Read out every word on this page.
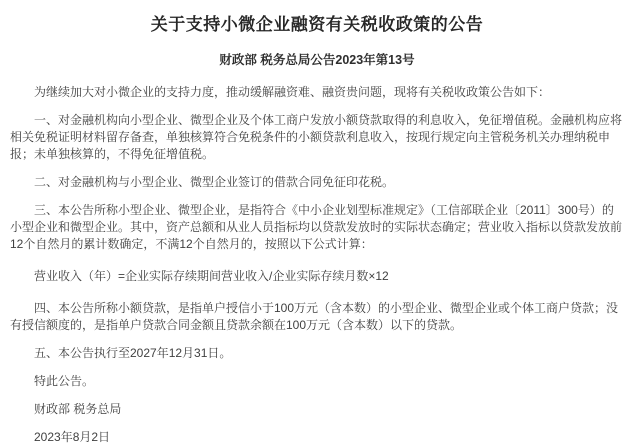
关于支持小微企业融资有关税收政策的公告
财政部 税务总局公告2023年第13号

为继续加大对小微企业的支持力度，推动缓解融资难、融资贵问题，现将有关税收政策公告如下：

一、对金融机构向小型企业、微型企业及个体工商户发放小额贷款取得的利息收入，免征增值税。金融机构应将相关免税证明材料留存备查，单独核算符合免税条件的小额贷款利息收入，按现行规定向主管税务机关办理纳税申报；未单独核算的，不得免征增值税。

二、对金融机构与小型企业、微型企业签订的借款合同免征印花税。

三、本公告所称小型企业、微型企业，是指符合《中小企业划型标准规定》（工信部联企业〔2011〕300号）的小型企业和微型企业。其中，资产总额和从业人员指标均以贷款发放时的实际状态确定；营业收入指标以贷款发放前12个自然月的累计数确定，不满12个自然月的，按照以下公式计算：

营业收入（年）=企业实际存续期间营业收入/企业实际存续月数×12

四、本公告所称小额贷款，是指单户授信小于100万元（含本数）的小型企业、微型企业或个体工商户贷款；没有授信额度的，是指单户贷款合同金额且贷款余额在100万元（含本数）以下的贷款。

五、本公告执行至2027年12月31日。

特此公告。

财政部 税务总局

2023年8月2日
